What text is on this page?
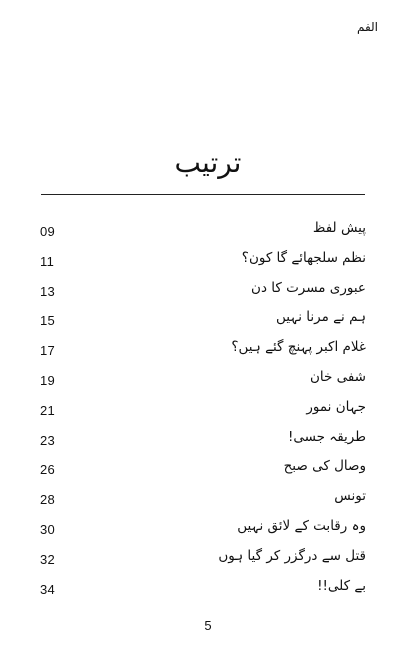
الفم
ترتیب
09	پیش لفظ
11	نظم سلجھائے گا کون؟
13	عبوری مسرت کا دن
15	ہم نے مرنا نہیں
17	غلام اکبر پہنچ گئے ہیں؟
19	شفی خان
21	جہان نمور
23	طریقہ جسی!
26	وصال کی صبح
28	تونس
30	وہ رقابت کے لائق نہیں
32	قتل سے درگزر کر گیا ہوں
34	بے کلی!!
5
